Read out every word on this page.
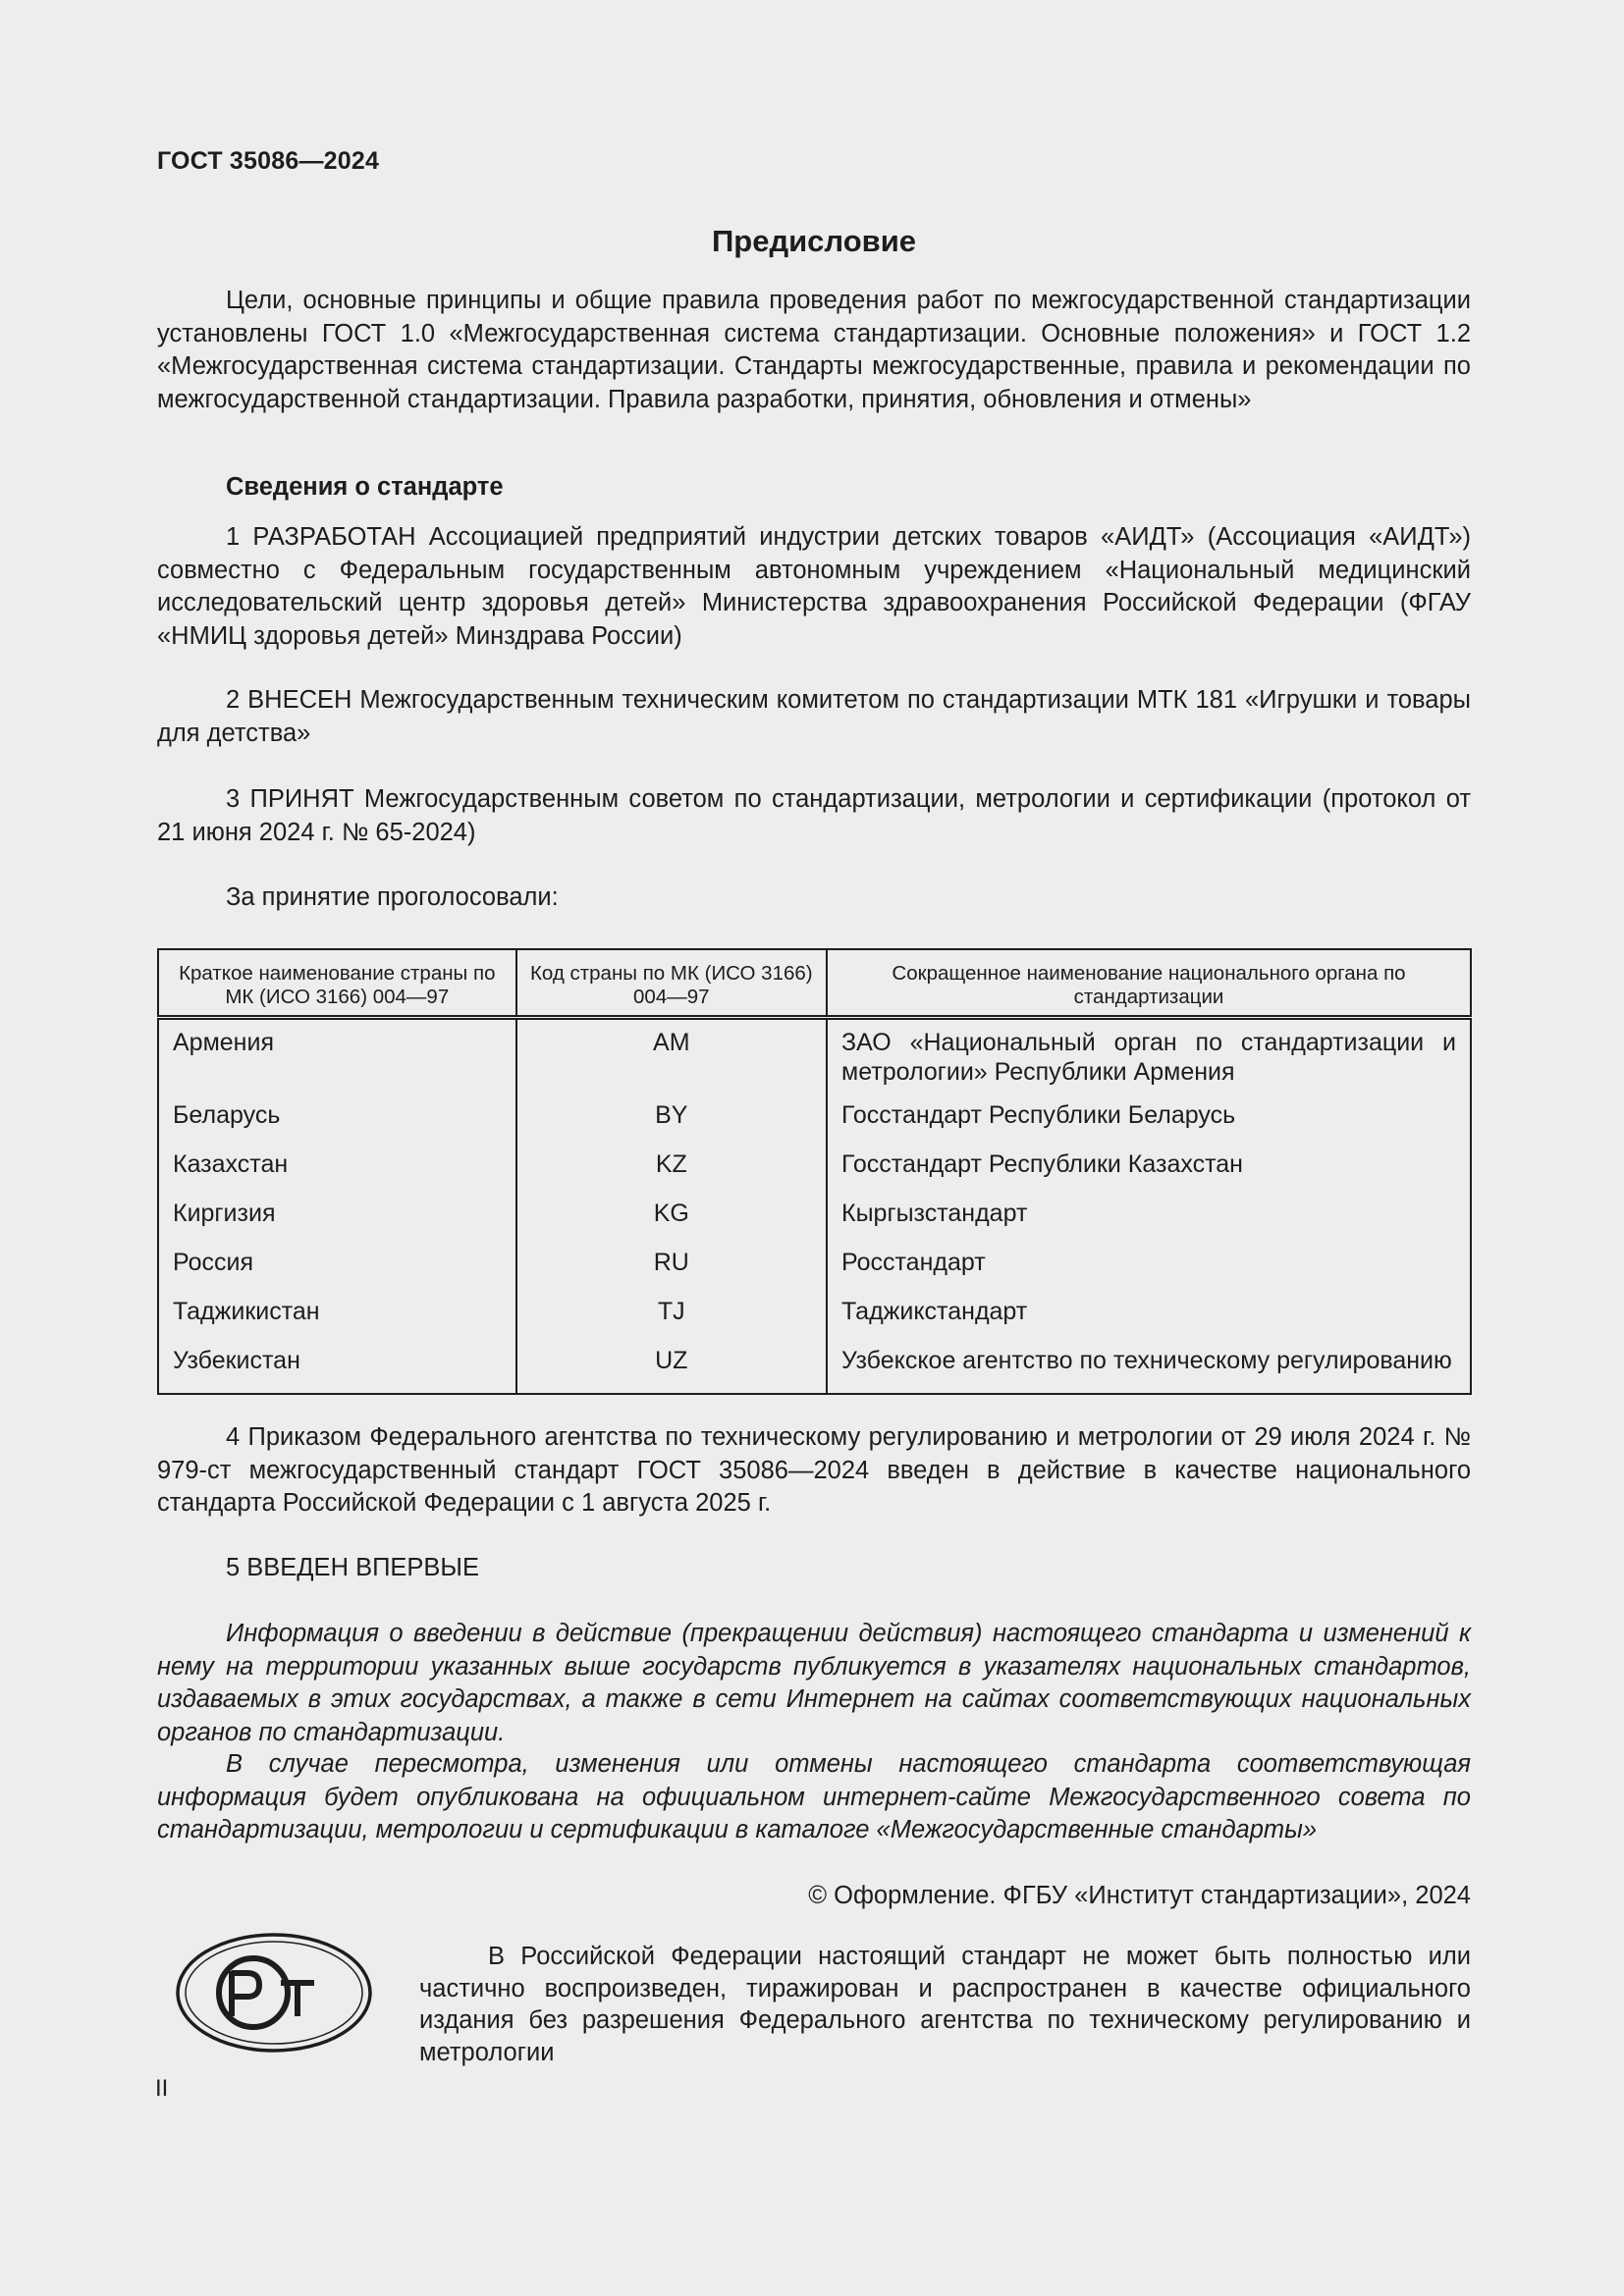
ГОСТ 35086—2024
Предисловие

Цели, основные принципы и общие правила проведения работ по межгосударственной стандартизации установлены ГОСТ 1.0 «Межгосударственная система стандартизации. Основные положения» и ГОСТ 1.2 «Межгосударственная система стандартизации. Стандарты межгосударственные, правила и рекомендации по межгосударственной стандартизации. Правила разработки, принятия, обновления и отмены»

Сведения о стандарте

1 РАЗРАБОТАН Ассоциацией предприятий индустрии детских товаров «АИДТ» (Ассоциация «АИДТ») совместно с Федеральным государственным автономным учреждением «Национальный медицинский исследовательский центр здоровья детей» Министерства здравоохранения Российской Федерации (ФГАУ «НМИЦ здоровья детей» Минздрава России)

2 ВНЕСЕН Межгосударственным техническим комитетом по стандартизации МТК 181 «Игрушки и товары для детства»

3 ПРИНЯТ Межгосударственным советом по стандартизации, метрологии и сертификации (протокол от 21 июня 2024 г. № 65-2024)

За принятие проголосовали:

Краткое наименование страны по МК (ИСО 3166) 004—97	Код страны по МК (ИСО 3166) 004—97	Сокращенное наименование национального органа по стандартизации
Армения	AM	ЗАО «Национальный орган по стандартизации и метрологии» Республики Армения
Беларусь	BY	Госстандарт Республики Беларусь
Казахстан	KZ	Госстандарт Республики Казахстан
Киргизия	KG	Кыргызстандарт
Россия	RU	Росстандарт
Таджикистан	TJ	Таджикстандарт
Узбекистан	UZ	Узбекское агентство по техническому регулированию

4 Приказом Федерального агентства по техническому регулированию и метрологии от 29 июля 2024 г. № 979-ст межгосударственный стандарт ГОСТ 35086—2024 введен в действие в качестве национального стандарта Российской Федерации с 1 августа 2025 г.

5 ВВЕДЕН ВПЕРВЫЕ

Информация о введении в действие (прекращении действия) настоящего стандарта и изменений к нему на территории указанных выше государств публикуется в указателях национальных стандартов, издаваемых в этих государствах, а также в сети Интернет на сайтах соответствующих национальных органов по стандартизации.

В случае пересмотра, изменения или отмены настоящего стандарта соответствующая информация будет опубликована на официальном интернет-сайте Межгосударственного совета по стандартизации, метрологии и сертификации в каталоге «Межгосударственные стандарты»

© Оформление. ФГБУ «Институт стандартизации», 2024

В Российской Федерации настоящий стандарт не может быть полностью или частично воспроизведен, тиражирован и распространен в качестве официального издания без разрешения Федерального агентства по техническому регулированию и метрологии

II
